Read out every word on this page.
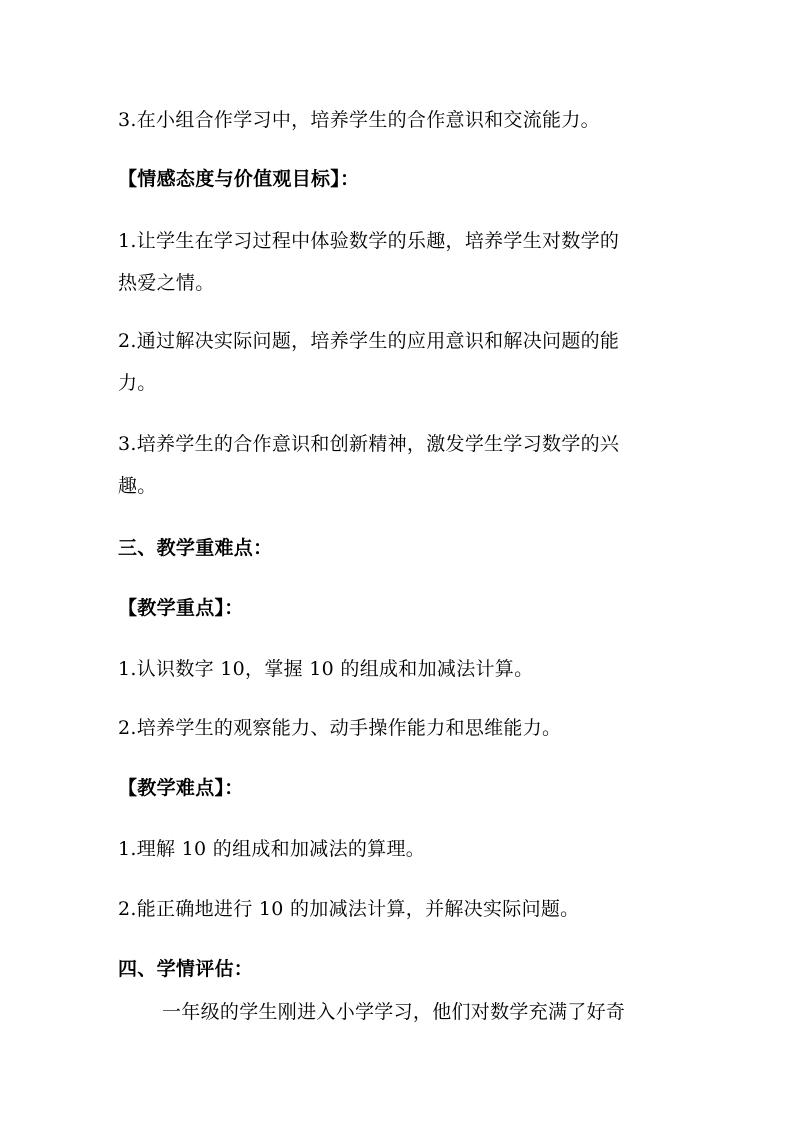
3.在小组合作学习中，培养学生的合作意识和交流能力。
【情感态度与价值观目标】：
1.让学生在学习过程中体验数学的乐趣，培养学生对数学的
热爱之情。
2.通过解决实际问题，培养学生的应用意识和解决问题的能
力。
3.培养学生的合作意识和创新精神，激发学生学习数学的兴
趣。
三、教学重难点：
【教学重点】：
1.认识数字 10，掌握 10 的组成和加减法计算。
2.培养学生的观察能力、动手操作能力和思维能力。
【教学难点】：
1.理解 10 的组成和加减法的算理。
2.能正确地进行 10 的加减法计算，并解决实际问题。
四、学情评估：
一年级的学生刚进入小学学习，他们对数学充满了好奇
